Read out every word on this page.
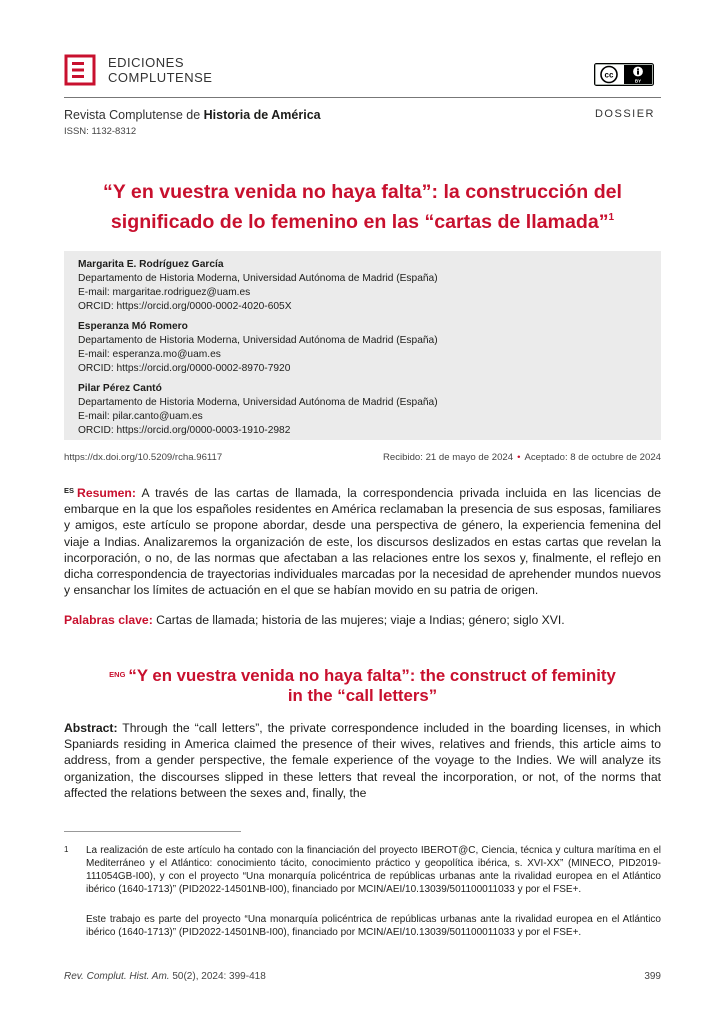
EDICIONES
COMPLUTENSE	cc
BY
Revista Complutense de Historia de América
ISSN: 1132-8312
DOSSIER
“Y en vuestra venida no haya falta”: la construcción del
significado de lo femenino en las “cartas de llamada”$^1$
Margarita E. Rodríguez García
Departamento de Historia Moderna, Universidad Autónoma de Madrid (España)
E-mail: margaritae.rodriguez@uam.es
ORCID: https://orcid.org/0000-0002-4020-605X
Esperanza Mó Romero
Departamento de Historia Moderna, Universidad Autónoma de Madrid (España)
E-mail: esperanza.mo@uam.es
ORCID: https://orcid.org/0000-0002-8970-7920
Pilar Pérez Cantó
Departamento de Historia Moderna, Universidad Autónoma de Madrid (España)
E-mail: pilar.canto@uam.es
ORCID: https://orcid.org/0000-0003-1910-2982
https://dx.doi.org/10.5209/rcha.96117	Recibido: 21 de mayo de 2024 • Aceptado: 8 de octubre de 2024
$^{ES}$ Resumen: A través de las cartas de llamada, la correspondencia privada incluida en las licencias de embarque en la que los españoles residentes en América reclamaban la presencia de sus esposas, familiares y amigos, este artículo se propone abordar, desde una perspectiva de género, la experiencia femenina del viaje a Indias. Analizaremos la organización de este, los discursos deslizados en estas cartas que revelan la incorporación, o no, de las normas que afectaban a las relaciones entre los sexos y, finalmente, el reflejo en dicha correspondencia de trayectorias individuales marcadas por la necesidad de aprehender mundos nuevos y ensanchar los límites de actuación en el que se habían movido en su patria de origen.
Palabras clave: Cartas de llamada; historia de las mujeres; viaje a Indias; género; siglo XVI.
$^{ENG}$ “Y en vuestra venida no haya falta”: the construct of feminity
in the “call letters”
Abstract: Through the “call letters”, the private correspondence included in the boarding licenses, in which Spaniards residing in America claimed the presence of their wives, relatives and friends, this article aims to address, from a gender perspective, the female experience of the voyage to the Indies. We will analyze its organization, the discourses slipped in these letters that reveal the incorporation, or not, of the norms that affected the relations between the sexes and, finally, the
1 La realización de este artículo ha contado con la financiación del proyecto IBEROT@C, Ciencia, técnica y cultura marítima en el Mediterráneo y el Atlántico: conocimiento tácito, conocimiento práctico y geopolítica ibérica, s. XVI-XX” (MINECO, PID2019-111054GB-I00), y con el proyecto “Una monarquía policéntrica de repúblicas urbanas ante la rivalidad europea en el Atlántico ibérico (1640-1713)” (PID2022-14501NB-I00), financiado por MCIN/AEI/10.13039/501100011033 y por el FSE+.
Este trabajo es parte del proyecto “Una monarquía policéntrica de repúblicas urbanas ante la rivalidad europea en el Atlántico ibérico (1640-1713)” (PID2022-14501NB-I00), financiado por MCIN/AEI/10.13039/501100011033 y por el FSE+.
Rev. Complut. Hist. Am. 50(2), 2024: 399-418	399
